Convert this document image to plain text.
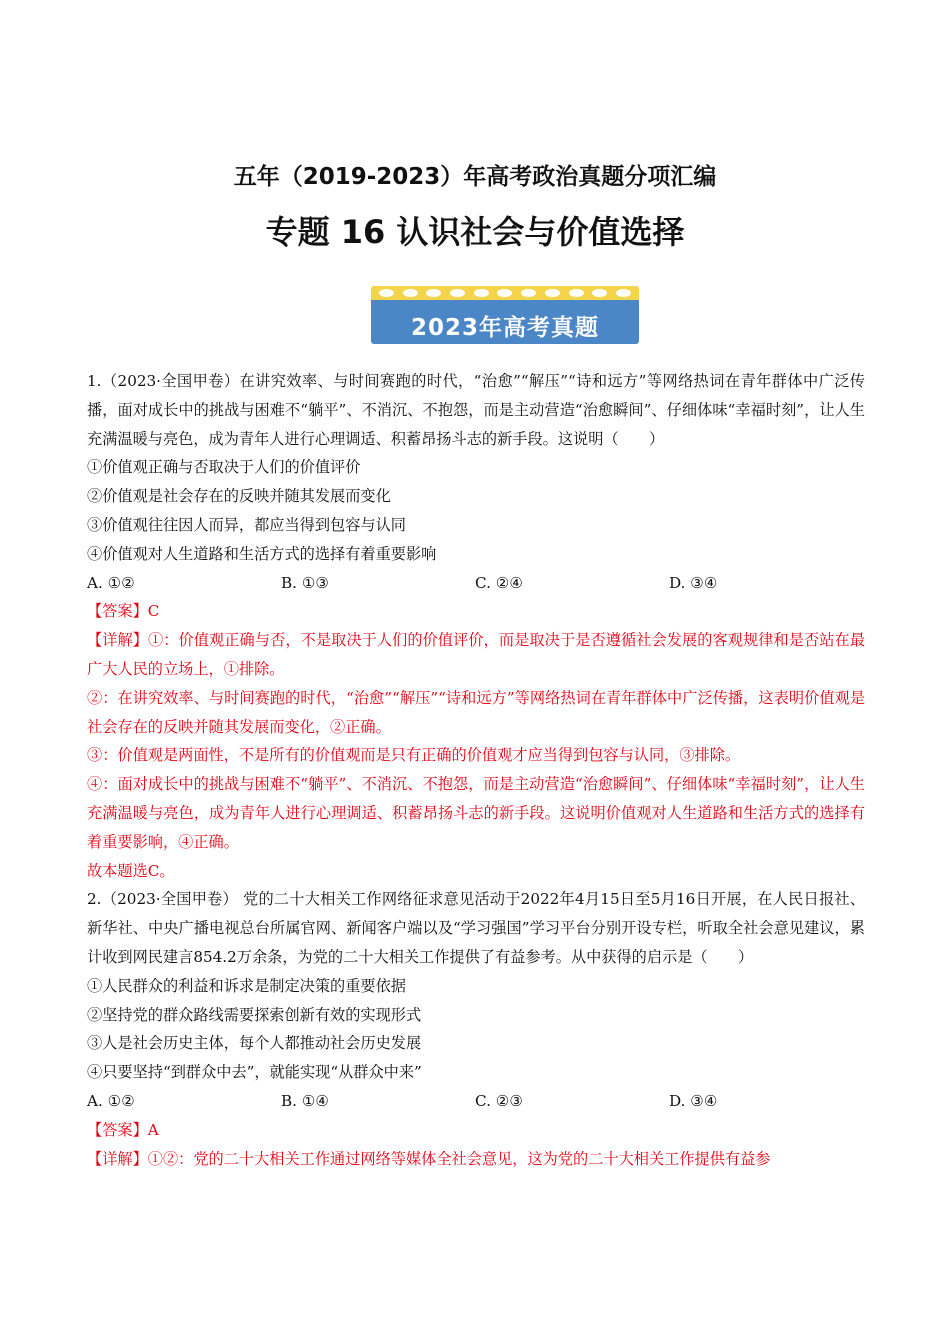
五年（2019-2023）年高考政治真题分项汇编
专题 16 认识社会与价值选择
2023年高考真题

1.（2023·全国甲卷）在讲究效率、与时间赛跑的时代，“治愈”“解压”“诗和远方”等网络热词在青年群体中广泛传播，面对成长中的挑战与困难不“躺平”、不消沉、不抱怨，而是主动营造“治愈瞬间”、仔细体味“幸福时刻”，让人生充满温暖与亮色，成为青年人进行心理调适、积蓄昂扬斗志的新手段。这说明（　　）

①价值观正确与否取决于人们的价值评价

②价值观是社会存在的反映并随其发展而变化

③价值观往往因人而异，都应当得到包容与认同

④价值观对人生道路和生活方式的选择有着重要影响

A. ①②	B. ①③	C. ②④	D. ③④

【答案】C

【详解】①：价值观正确与否，不是取决于人们的价值评价，而是取决于是否遵循社会发展的客观规律和是否站在最广大人民的立场上，①排除。

②：在讲究效率、与时间赛跑的时代，“治愈”“解压”“诗和远方”等网络热词在青年群体中广泛传播，这表明价值观是社会存在的反映并随其发展而变化，②正确。

③：价值观是两面性，不是所有的价值观而是只有正确的价值观才应当得到包容与认同，③排除。

④：面对成长中的挑战与困难不“躺平”、不消沉、不抱怨，而是主动营造“治愈瞬间”、仔细体味“幸福时刻”，让人生充满温暖与亮色，成为青年人进行心理调适、积蓄昂扬斗志的新手段。这说明价值观对人生道路和生活方式的选择有着重要影响，④正确。

故本题选C。

2.（2023·全国甲卷） 党的二十大相关工作网络征求意见活动于2022年4月15日至5月16日开展，在人民日报社、新华社、中央广播电视总台所属官网、新闻客户端以及“学习强国”学习平台分别开设专栏，听取全社会意见建议，累计收到网民建言854.2万余条，为党的二十大相关工作提供了有益参考。从中获得的启示是（　　）

①人民群众的利益和诉求是制定决策的重要依据

②坚持党的群众路线需要探索创新有效的实现形式

③人是社会历史主体，每个人都推动社会历史发展

④只要坚持“到群众中去”，就能实现“从群众中来”

A. ①②	B. ①④	C. ②③	D. ③④

【答案】A

【详解】①②：党的二十大相关工作通过网络等媒体全社会意见，这为党的二十大相关工作提供有益参
